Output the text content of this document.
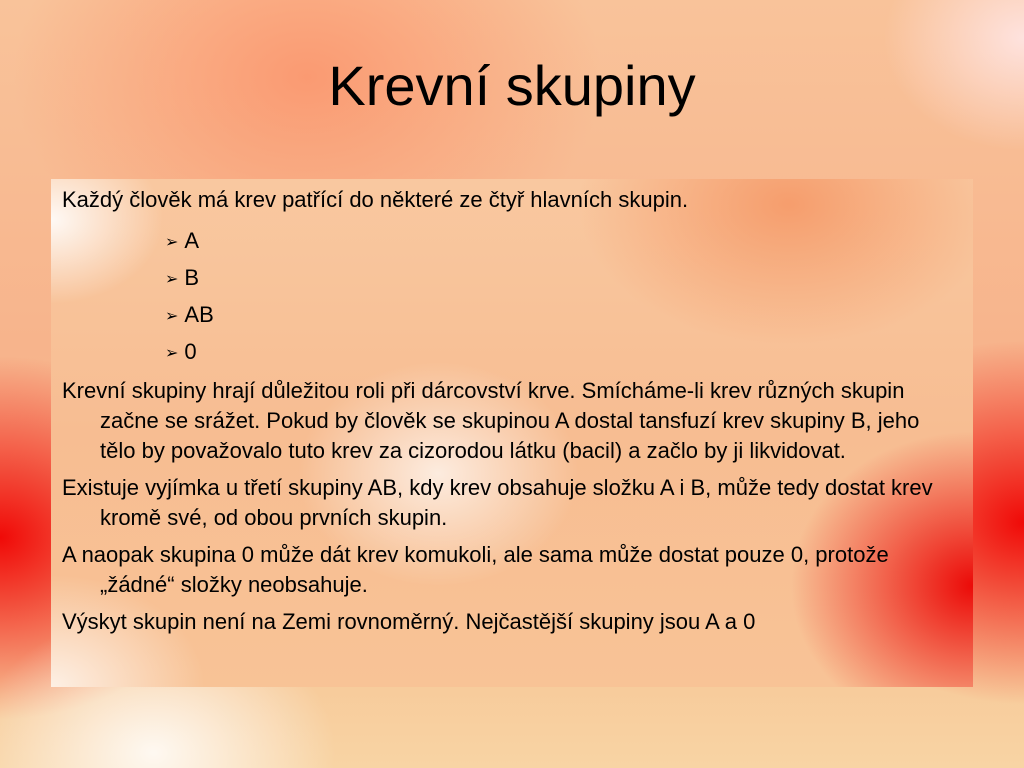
Krevní skupiny

Každý člověk má krev patřící do některé ze čtyř hlavních skupin.

➢ A
➢ B
➢ AB
➢ 0

Krevní skupiny hrají důležitou roli při dárcovství krve. Smícháme-li krev různých skupin začne se srážet. Pokud by člověk se skupinou A dostal tansfuzí krev skupiny B, jeho tělo by považovalo tuto krev za cizorodou látku (bacil) a začlo by ji likvidovat.

Existuje vyjímka u třetí skupiny AB, kdy krev obsahuje složku A i B, může tedy dostat krev kromě své, od obou prvních skupin.

A naopak skupina 0 může dát krev komukoli, ale sama může dostat pouze 0, protože „žádné“ složky neobsahuje.

Výskyt skupin není na Zemi rovnoměrný. Nejčastější skupiny jsou A a 0
